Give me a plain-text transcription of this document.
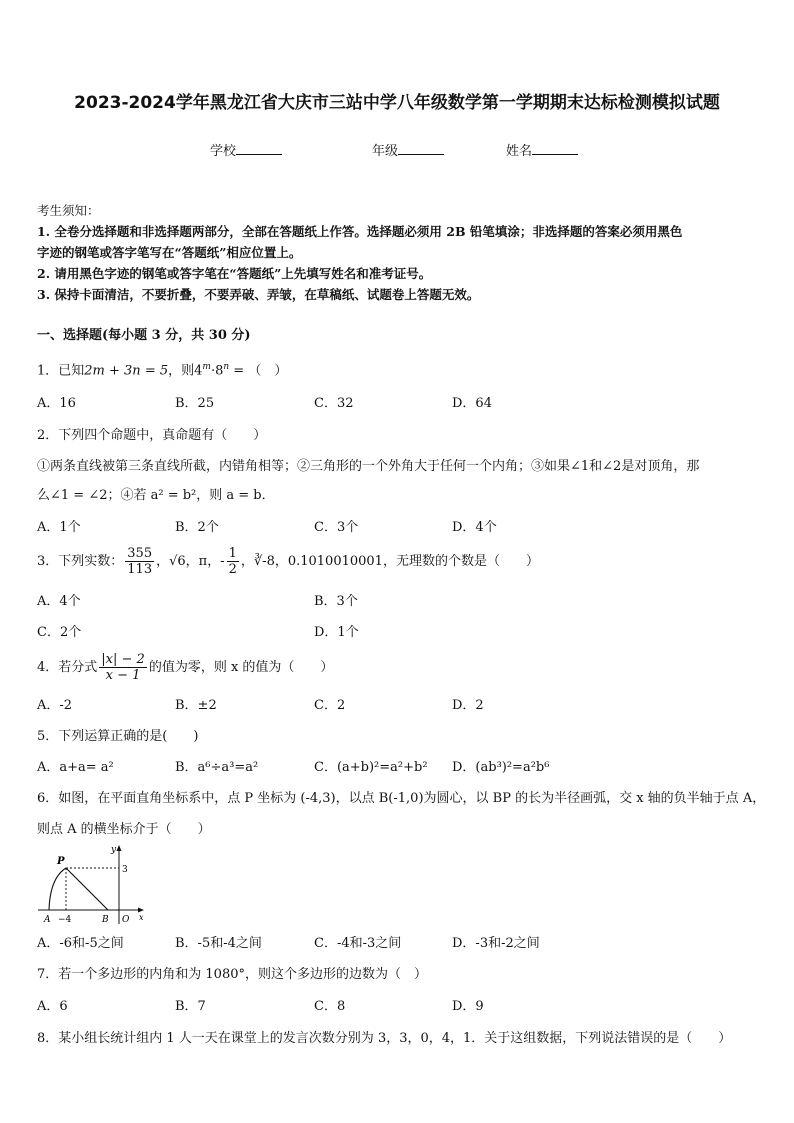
2023-2024学年黑龙江省大庆市三站中学八年级数学第一学期期末达标检测模拟试题
学校	年级	姓名
考生须知：
1. 全卷分选择题和非选择题两部分，全部在答题纸上作答。选择题必须用 2B 铅笔填涂；非选择题的答案必须用黑色
字迹的钢笔或答字笔写在“答题纸”相应位置上。
2. 请用黑色字迹的钢笔或答字笔在“答题纸”上先填写姓名和准考证号。
3. 保持卡面清洁，不要折叠，不要弄破、弄皱，在草稿纸、试题卷上答题无效。
一、选择题(每小题 3 分，共 30 分)
1．已知2m + 3n = 5，则$4^m\cdot 8^n$ = （　）
A．16	B．25	C．32	D．64
2．下列四个命题中，真命题有（　　）
①两条直线被第三条直线所截，内错角相等；②三角形的一个外角大于任何一个内角；③如果∠1和∠2是对顶角，那
么∠1 = ∠2；④若 a² = b²，则 a = b．
A．1个	B．2个	C．3个	D．4个
3．下列实数： $\frac{355}{113}$ ，√6，π，- $\frac{1}{2}$ ，∛-8，0.1010010001，无理数的个数是（　　）
A．4个	B．3个
C．2个	D．1个
4．若分式 $\frac{|x| - 2}{x - 1}$ 的值为零，则 x 的值为（　　）
A．-2	B．±2	C．2	D．2
5．下列运算正确的是(　　)
A．a+a= a²	B．a⁶÷a³=a²	C．(a+b)²=a²+b² D．(ab³)²=a²b⁶
6．如图，在平面直角坐标系中，点 P 坐标为 (-4,3)，以点 B(-1,0)为圆心，以 BP 的长为半径画弧，交 x 轴的负半轴于点 A，
则点 A 的横坐标介于（　　）
P
y
3
A −4	B O x
A．-6和-5之间	B．-5和-4之间	C．-4和-3之间	D．-3和-2之间
7．若一个多边形的内角和为 1080°，则这个多边形的边数为（　）
A．6	B．7	C．8	D．9
8．某小组长统计组内 1 人一天在课堂上的发言次数分别为 3，3，0，4，1．关于这组数据，下列说法错误的是（　　）
